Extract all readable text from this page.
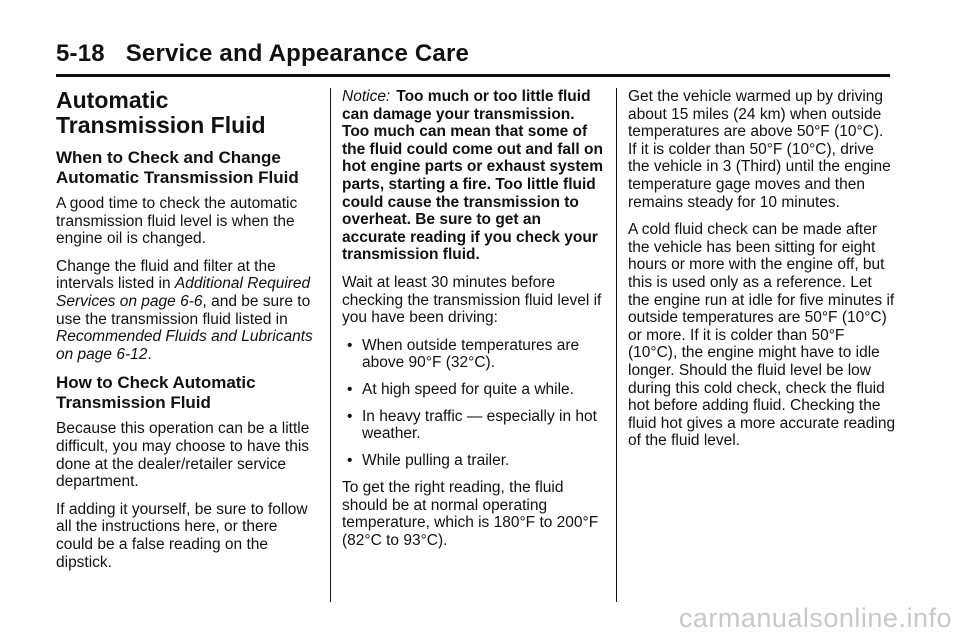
5-18 Service and Appearance Care
Automatic Transmission Fluid
When to Check and Change Automatic Transmission Fluid

A good time to check the automatic transmission fluid level is when the engine oil is changed.

Change the fluid and filter at the intervals listed in Additional Required Services on page 6-6, and be sure to use the transmission fluid listed in Recommended Fluids and Lubricants on page 6-12.

How to Check Automatic Transmission Fluid

Because this operation can be a little difficult, you may choose to have this done at the dealer/retailer service department.

If adding it yourself, be sure to follow all the instructions here, or there could be a false reading on the dipstick.

Notice: Too much or too little fluid can damage your transmission. Too much can mean that some of the fluid could come out and fall on hot engine parts or exhaust system parts, starting a fire. Too little fluid could cause the transmission to overheat. Be sure to get an accurate reading if you check your transmission fluid.

Wait at least 30 minutes before checking the transmission fluid level if you have been driving:

• When outside temperatures are above 90°F (32°C).
• At high speed for quite a while.
• In heavy traffic — especially in hot weather.
• While pulling a trailer.

To get the right reading, the fluid should be at normal operating temperature, which is 180°F to 200°F (82°C to 93°C).

Get the vehicle warmed up by driving about 15 miles (24 km) when outside temperatures are above 50°F (10°C). If it is colder than 50°F (10°C), drive the vehicle in 3 (Third) until the engine temperature gage moves and then remains steady for 10 minutes.

A cold fluid check can be made after the vehicle has been sitting for eight hours or more with the engine off, but this is used only as a reference. Let the engine run at idle for five minutes if outside temperatures are 50°F (10°C) or more. If it is colder than 50°F (10°C), the engine might have to idle longer. Should the fluid level be low during this cold check, check the fluid hot before adding fluid. Checking the fluid hot gives a more accurate reading of the fluid level.

carmanualsonline.info
